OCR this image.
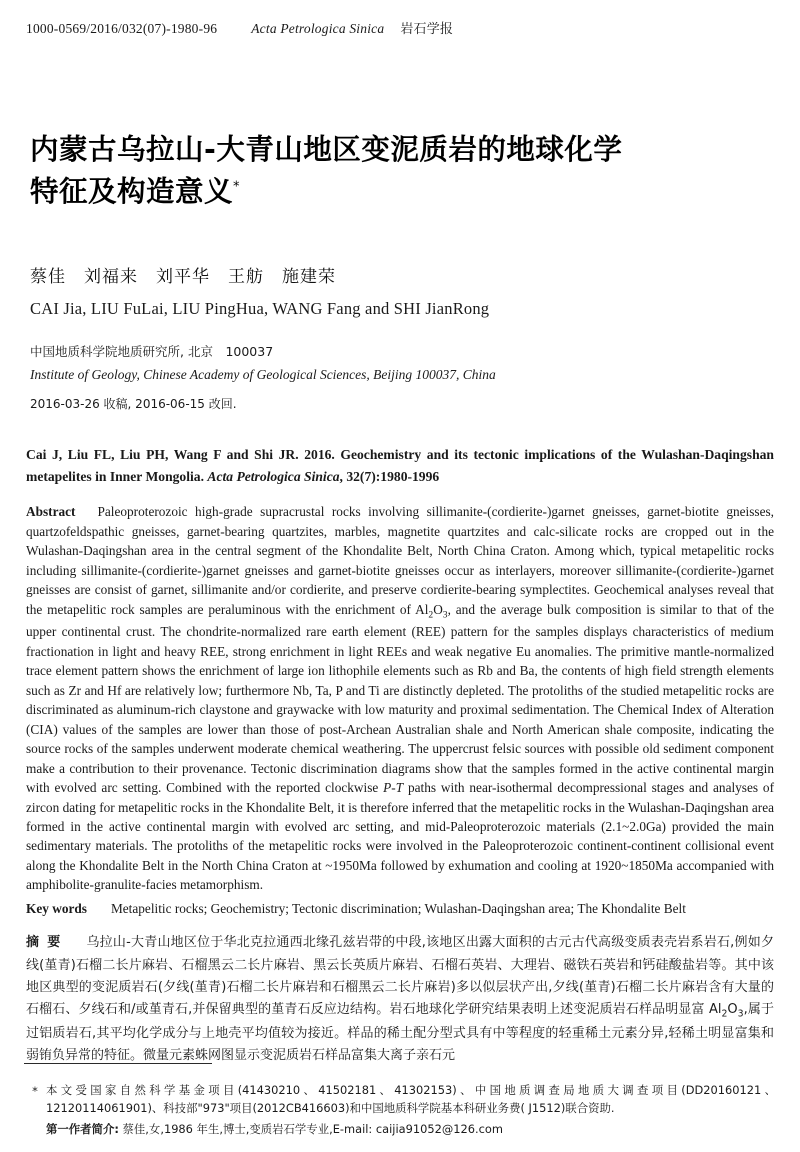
1000-0569/2016/032(07)-1980-96	Acta Petrologica Sinica 岩石学报
内蒙古乌拉山-大青山地区变泥质岩的地球化学
特征及构造意义*
蔡佳 刘福来 刘平华 王舫 施建荣
CAI Jia, LIU FuLai, LIU PingHua, WANG Fang and SHI JianRong
中国地质科学院地质研究所, 北京　100037
Institute of Geology, Chinese Academy of Geological Sciences, Beijing 100037, China
2016-03-26 收稿, 2016-06-15 改回.
Cai J, Liu FL, Liu PH, Wang F and Shi JR. 2016. Geochemistry and its tectonic implications of the Wulashan-Daqingshan metapelites in Inner Mongolia. Acta Petrologica Sinica, 32(7):1980-1996
Abstract Paleoproterozoic high-grade supracrustal rocks involving sillimanite-(cordierite-)garnet gneisses, garnet-biotite gneisses, quartzofeldspathic gneisses, garnet-bearing quartzites, marbles, magnetite quartzites and calc-silicate rocks are cropped out in the Wulashan-Daqingshan area in the central segment of the Khondalite Belt, North China Craton. Among which, typical metapelitic rocks including sillimanite-(cordierite-)garnet gneisses and garnet-biotite gneisses occur as interlayers, moreover sillimanite-(cordierite-)garnet gneisses are consist of garnet, sillimanite and/or cordierite, and preserve cordierite-bearing symplectites. Geochemical analyses reveal that the metapelitic rock samples are peraluminous with the enrichment of $Al_2O_3$, and the average bulk composition is similar to that of the upper continental crust. The chondrite-normalized rare earth element (REE) pattern for the samples displays characteristics of medium fractionation in light and heavy REE, strong enrichment in light REEs and weak negative Eu anomalies. The primitive mantle-normalized trace element pattern shows the enrichment of large ion lithophile elements such as Rb and Ba, the contents of high field strength elements such as Zr and Hf are relatively low; furthermore Nb, Ta, P and Ti are distinctly depleted. The protoliths of the studied metapelitic rocks are discriminated as aluminum-rich claystone and graywacke with low maturity and proximal sedimentation. The Chemical Index of Alteration (CIA) values of the samples are lower than those of post-Archean Australian shale and North American shale composite, indicating the source rocks of the samples underwent moderate chemical weathering. The uppercrust felsic sources with possible old sediment component make a contribution to their provenance. Tectonic discrimination diagrams show that the samples formed in the active continental margin with evolved arc setting. Combined with the reported clockwise P-T paths with near-isothermal decompressional stages and analyses of zircon dating for metapelitic rocks in the Khondalite Belt, it is therefore inferred that the metapelitic rocks in the Wulashan-Daqingshan area formed in the active continental margin with evolved arc setting, and mid-Paleoproterozoic materials (2.1~2.0Ga) provided the main sedimentary materials. The protoliths of the metapelitic rocks were involved in the Paleoproterozoic continent-continent collisional event along the Khondalite Belt in the North China Craton at ~1950Ma followed by exhumation and cooling at 1920~1850Ma accompanied with amphibolite-granulite-facies metamorphism.
Key words Metapelitic rocks; Geochemistry; Tectonic discrimination; Wulashan-Daqingshan area; The Khondalite Belt
摘要 乌拉山-大青山地区位于华北克拉通西北缘孔兹岩带的中段,该地区出露大面积的古元古代高级变质表壳岩系岩石,例如夕线(堇青)石榴二长片麻岩、石榴黑云二长片麻岩、黑云长英质片麻岩、石榴石英岩、大理岩、磁铁石英岩和钙硅酸盐岩等。其中该地区典型的变泥质岩石(夕线(堇青)石榴二长片麻岩和石榴黑云二长片麻岩)多以似层状产出,夕线(堇青)石榴二长片麻岩含有大量的石榴石、夕线石和/或堇青石,并保留典型的堇青石反应边结构。岩石地球化学研究结果表明上述变泥质岩石样品明显富 $Al_2O_3$,属于过铝质岩石,其平均化学成分与上地壳平均值较为接近。样品的稀土配分型式具有中等程度的轻重稀土元素分异,轻稀土明显富集和弱铕负异常的特征。微量元素蛛网图显示变泥质岩石样品富集大离子亲石元
* 本文受国家自然科学基金项目(41430210、41502181、41302153)、中国地质调查局地质大调查项目(DD20160121、12120114061901)、科技部"973"项目(2012CB416603)和中国地质科学院基本科研业务费( J1512)联合资助.
第一作者简介: 蔡佳,女,1986 年生,博士,变质岩石学专业,E-mail: caijia91052@126.com
